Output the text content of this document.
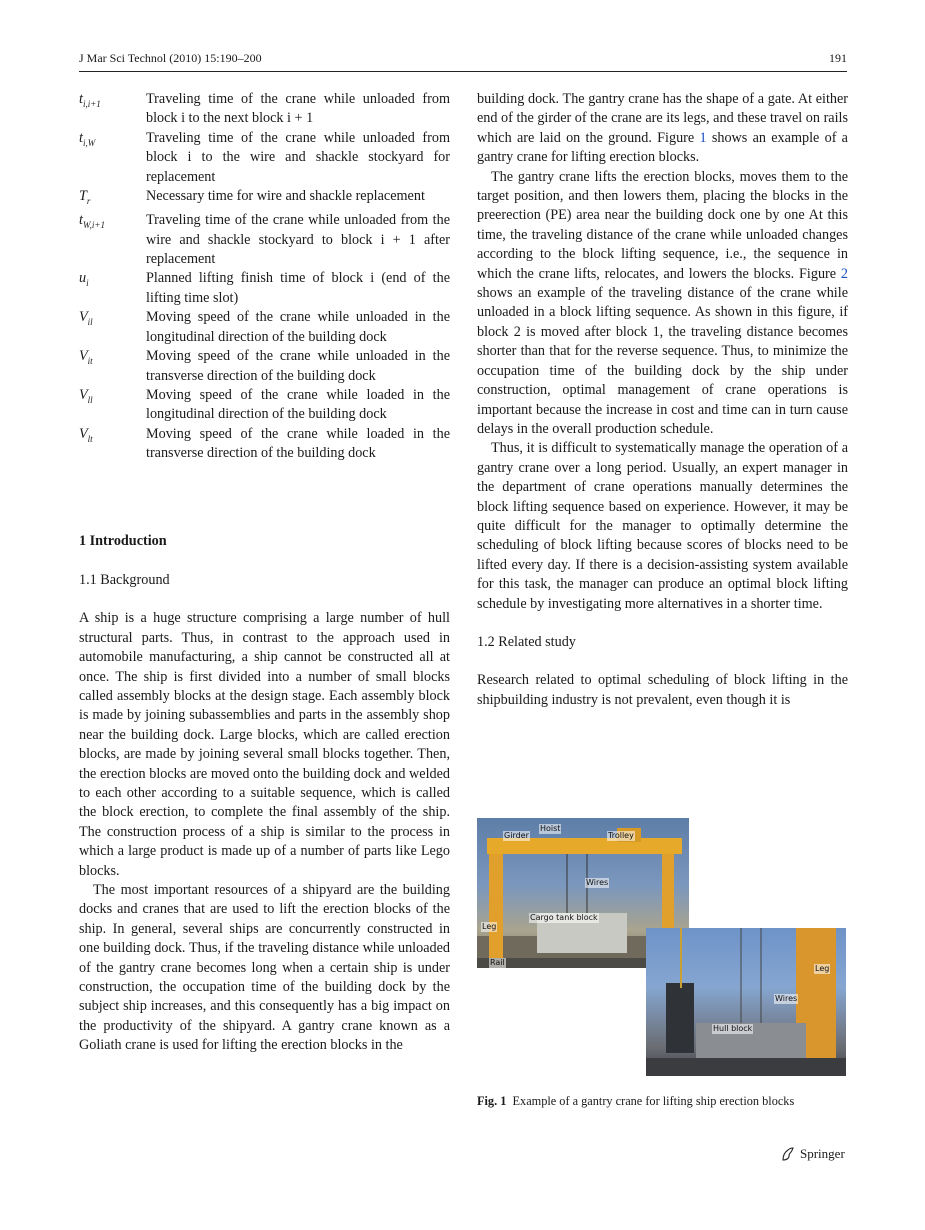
J Mar Sci Technol (2010) 15:190–200	191
$t_{i,i+1}$	Traveling time of the crane while unloaded from block i to the next block i + 1
$t_{i,W}$	Traveling time of the crane while unloaded from block i to the wire and shackle stockyard for replacement
$T_r$	Necessary time for wire and shackle replacement
$t_{W,i+1}$	Traveling time of the crane while unloaded from the wire and shackle stockyard to block i + 1 after replacement
$u_i$	Planned lifting finish time of block i (end of the lifting time slot)
$V_{il}$	Moving speed of the crane while unloaded in the longitudinal direction of the building dock
$V_{it}$	Moving speed of the crane while unloaded in the transverse direction of the building dock
$V_{ll}$	Moving speed of the crane while loaded in the longitudinal direction of the building dock
$V_{lt}$	Moving speed of the crane while loaded in the transverse direction of the building dock
1 Introduction
1.1 Background

A ship is a huge structure comprising a large number of hull structural parts. Thus, in contrast to the approach used in automobile manufacturing, a ship cannot be constructed all at once. The ship is first divided into a number of small blocks called assembly blocks at the design stage. Each assembly block is made by joining subassemblies and parts in the assembly shop near the building dock. Large blocks, which are called erection blocks, are made by joining several small blocks together. Then, the erection blocks are moved onto the building dock and welded to each other according to a suitable sequence, which is called the block erection, to complete the final assembly of the ship. The construction process of a ship is similar to the process in which a large product is made up of a number of parts like Lego blocks.

The most important resources of a shipyard are the building docks and cranes that are used to lift the erection blocks of the ship. In general, several ships are concurrently constructed in one building dock. Thus, if the traveling distance while unloaded of the gantry crane becomes long when a certain ship is under construction, the occupation time of the building dock by the subject ship increases, and this consequently has a big impact on the productivity of the shipyard. A gantry crane known as a Goliath crane is used for lifting the erection blocks in the

building dock. The gantry crane has the shape of a gate. At either end of the girder of the crane are its legs, and these travel on rails which are laid on the ground. Figure 1 shows an example of a gantry crane for lifting erection blocks.

The gantry crane lifts the erection blocks, moves them to the target position, and then lowers them, placing the blocks in the preerection (PE) area near the building dock one by one At this time, the traveling distance of the crane while unloaded changes according to the block lifting sequence, i.e., the sequence in which the crane lifts, relocates, and lowers the blocks. Figure 2 shows an example of the traveling distance of the crane while unloaded in a block lifting sequence. As shown in this figure, if block 2 is moved after block 1, the traveling distance becomes shorter than that for the reverse sequence. Thus, to minimize the occupation time of the building dock by the ship under construction, optimal management of crane operations is important because the increase in cost and time can in turn cause delays in the overall production schedule.

Thus, it is difficult to systematically manage the operation of a gantry crane over a long period. Usually, an expert manager in the department of crane operations manually determines the block lifting sequence based on experience. However, it may be quite difficult for the manager to optimally determine the scheduling of block lifting because scores of blocks need to be lifted every day. If there is a decision-assisting system available for this task, the manager can produce an optimal block lifting schedule by investigating more alternatives in a shorter time.

1.2 Related study

Research related to optimal scheduling of block lifting in the shipbuilding industry is not prevalent, even though it is

Hoist
Girder	Trolley
Wires
Cargo tank block
Leg
Rail
Leg
Wires
Hull block
Fig. 1 Example of a gantry crane for lifting ship erection blocks
Springer
